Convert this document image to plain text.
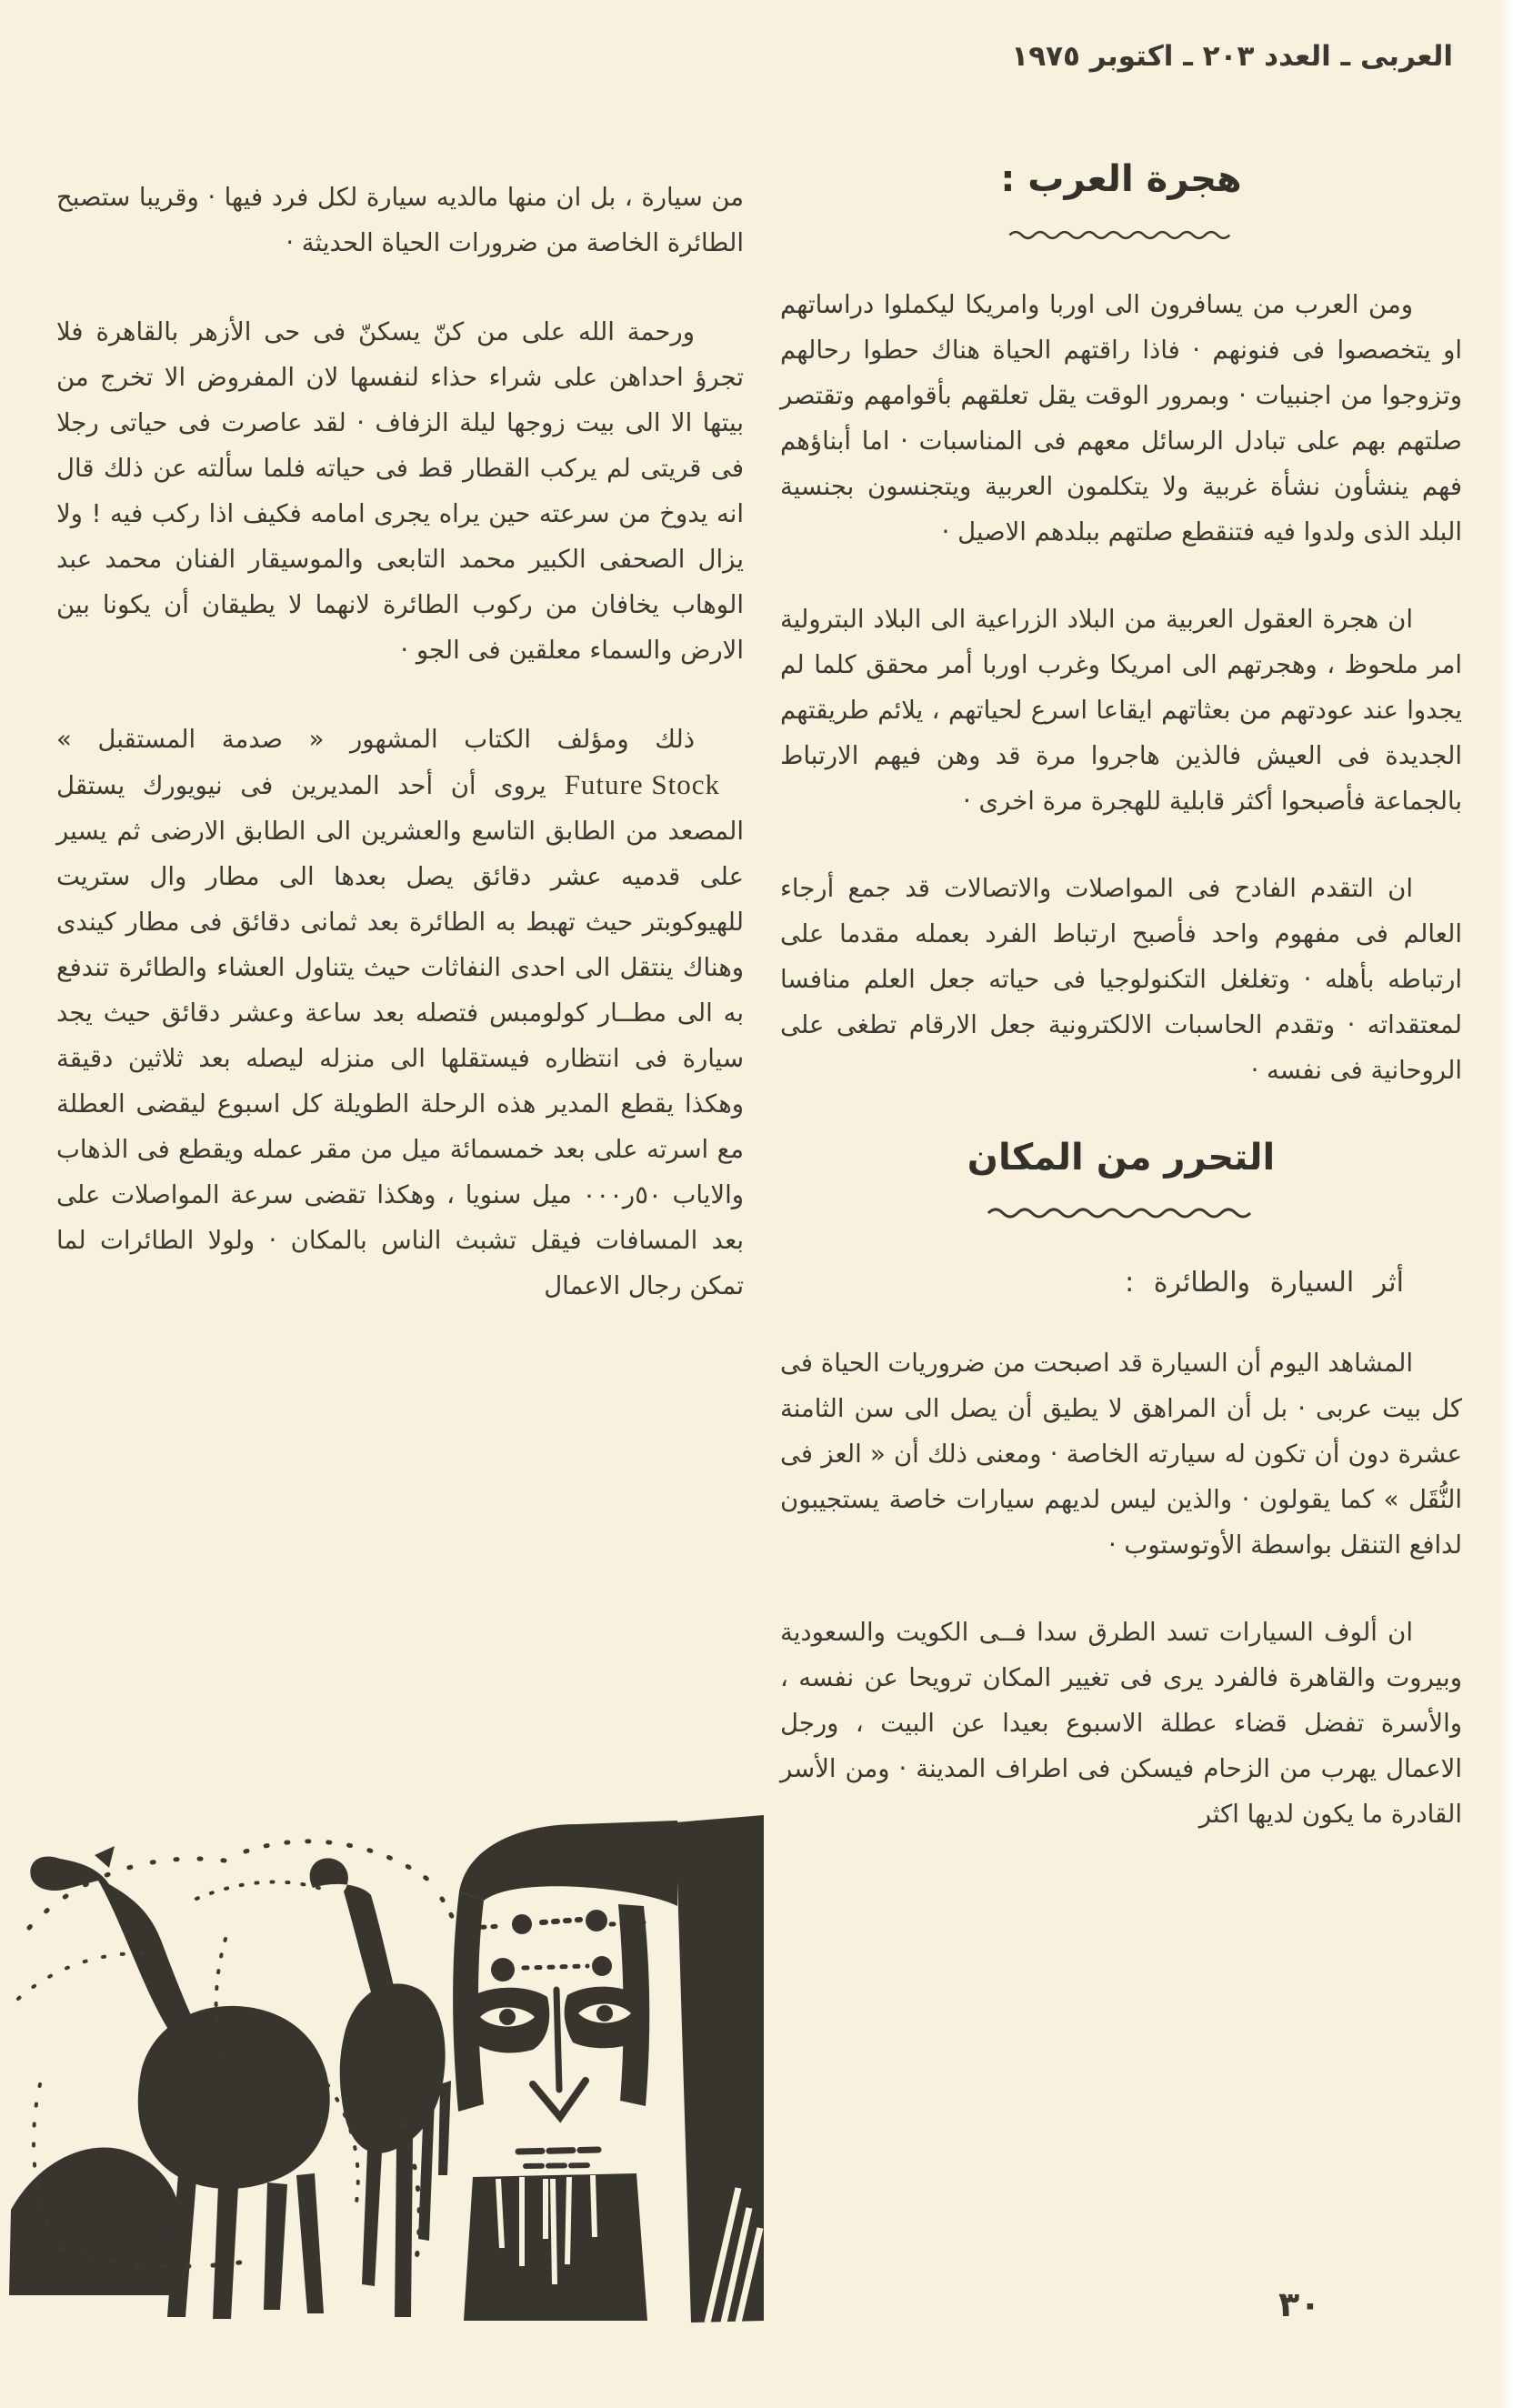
العربى ـ العدد ٢٠٣ ـ اكتوبر ١٩٧٥

من سيارة ، بل ان منها مالديه سيارة لكل فرد فيها · وقريبا ستصبح الطائرة الخاصة من ضرورات الحياة الحديثة ·

ورحمة الله على من كنّ يسكنّ فى حى الأزهر بالقاهرة فلا تجرؤ احداهن على شراء حذاء لنفسها لان المفروض الا تخرج من بيتها الا الى بيت زوجها ليلة الزفاف · لقد عاصرت فى حياتى رجلا فى قريتى لم يركب القطار قط فى حياته فلما سألته عن ذلك قال انه يدوخ من سرعته حين يراه يجرى امامه فكيف اذا ركب فيه ! ولا يزال الصحفى الكبير محمد التابعى والموسيقار الفنان محمد عبد الوهاب يخافان من ركوب الطائرة لانهما لا يطيقان أن يكونا بين الارض والسماء معلقين فى الجو ·

ذلك ومؤلف الكتاب المشهور « صدمة المستقبل »Future Stockيروى أن أحد المديرين فى نيويورك يستقل المصعد من الطابق التاسع والعشرين الى الطابق الارضى ثم يسير على قدميه عشر دقائق يصل بعدها الى مطار وال ستريت للهيوكوبتر حيث تهبط به الطائرة بعد ثمانى دقائق فى مطار كيندى وهناك ينتقل الى احدى النفاثات حيث يتناول العشاء والطائرة تندفع به الى مطــار كولومبس فتصله بعد ساعة وعشر دقائق حيث يجد سيارة فى انتظاره فيستقلها الى منزله ليصله بعد ثلاثين دقيقة وهكذا يقطع المدير هذه الرحلة الطويلة كل اسبوع ليقضى العطلة مع اسرته على بعد خمسمائة ميل من مقر عمله ويقطع فى الذهاب والاياب ٥٠ر٠٠٠ ميل سنويا ، وهكذا تقضى سرعة المواصلات على بعد المسافات فيقل تشبث الناس بالمكان · ولولا الطائرات لما تمكن رجال الاعمال

هجرة العرب :

ومن العرب من يسافرون الى اوربا وامريكا ليكملوا دراساتهم او يتخصصوا فى فنونهم · فاذا راقتهم الحياة هناك حطوا رحالهم وتزوجوا من اجنبيات · وبمرور الوقت يقل تعلقهم بأقوامهم وتقتصر صلتهم بهم على تبادل الرسائل معهم فى المناسبات · اما أبناؤهم فهم ينشأون نشأة غربية ولا يتكلمون العربية ويتجنسون بجنسية البلد الذى ولدوا فيه فتنقطع صلتهم ببلدهم الاصيل ·

ان هجرة العقول العربية من البلاد الزراعية الى البلاد البترولية امر ملحوظ ، وهجرتهم الى امريكا وغرب اوربا أمر محقق كلما لم يجدوا عند عودتهم من بعثاتهم ايقاعا اسرع لحياتهم ، يلائم طريقتهم الجديدة فى العيش فالذين هاجروا مرة قد وهن فيهم الارتباط بالجماعة فأصبحوا أكثر قابلية للهجرة مرة اخرى ·

ان التقدم الفادح فى المواصلات والاتصالات قد جمع أرجاء العالم فى مفهوم واحد فأصبح ارتباط الفرد بعمله مقدما على ارتباطه بأهله · وتغلغل التكنولوجيا فى حياته جعل العلم منافسا لمعتقداته · وتقدم الحاسبات الالكترونية جعل الارقام تطغى على الروحانية فى نفسه ·

التحرر من المكان
أثر السيارة والطائرة :

المشاهد اليوم أن السيارة قد اصبحت من ضروريات الحياة فى كل بيت عربى · بل أن المراهق لا يطيق أن يصل الى سن الثامنة عشرة دون أن تكون له سيارته الخاصة · ومعنى ذلك أن « العز فى النُّقَل » كما يقولون · والذين ليس لديهم سيارات خاصة يستجيبون لدافع التنقل بواسطة الأوتوستوب ·

ان ألوف السيارات تسد الطرق سدا فــى الكويت والسعودية وبيروت والقاهرة فالفرد يرى فى تغيير المكان ترويحا عن نفسه ، والأسرة تفضل قضاء عطلة الاسبوع بعيدا عن البيت ، ورجل الاعمال يهرب من الزحام فيسكن فى اطراف المدينة · ومن الأسر القادرة ما يكون لديها اكثر

٣٠
